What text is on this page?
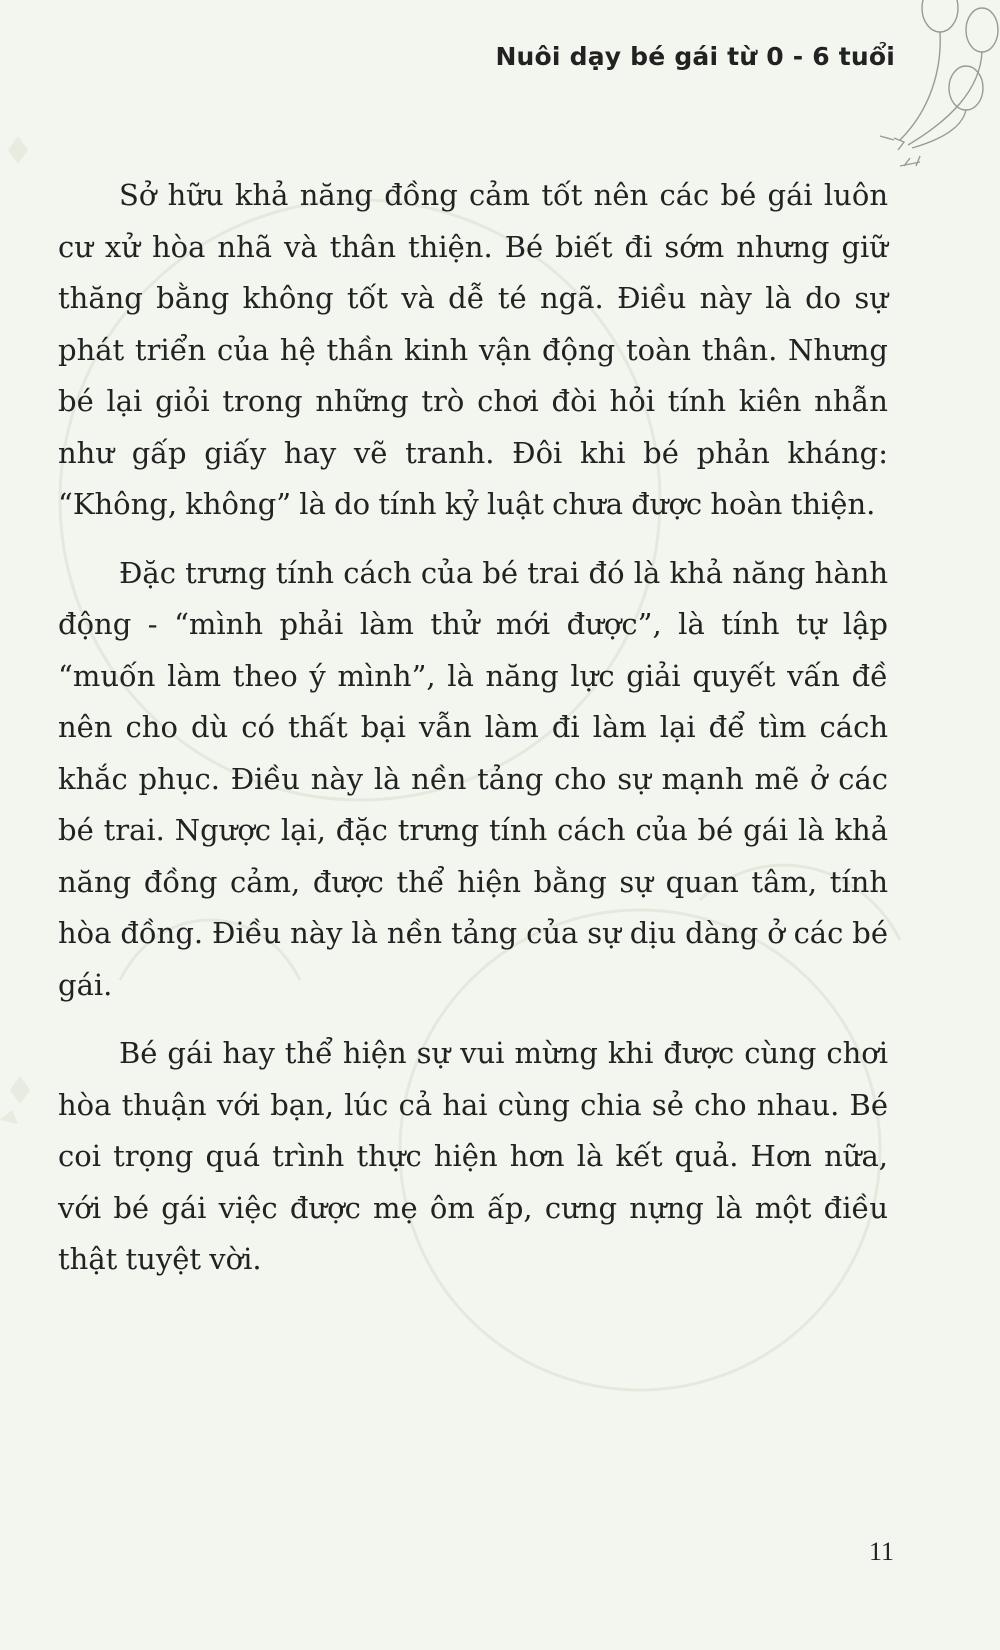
Nuôi dạy bé gái từ 0 - 6 tuổi

Sở hữu khả năng đồng cảm tốt nên các bé gái luôn cư xử hòa nhã và thân thiện. Bé biết đi sớm nhưng giữ thăng bằng không tốt và dễ té ngã. Điều này là do sự phát triển của hệ thần kinh vận động toàn thân. Nhưng bé lại giỏi trong những trò chơi đòi hỏi tính kiên nhẫn như gấp giấy hay vẽ tranh. Đôi khi bé phản kháng: “Không, không” là do tính kỷ luật chưa được hoàn thiện.

Đặc trưng tính cách của bé trai đó là khả năng hành động - “mình phải làm thử mới được”, là tính tự lập “muốn làm theo ý mình”, là năng lực giải quyết vấn đề nên cho dù có thất bại vẫn làm đi làm lại để tìm cách khắc phục. Điều này là nền tảng cho sự mạnh mẽ ở các bé trai. Ngược lại, đặc trưng tính cách của bé gái là khả năng đồng cảm, được thể hiện bằng sự quan tâm, tính hòa đồng. Điều này là nền tảng của sự dịu dàng ở các bé gái.

Bé gái hay thể hiện sự vui mừng khi được cùng chơi hòa thuận với bạn, lúc cả hai cùng chia sẻ cho nhau. Bé coi trọng quá trình thực hiện hơn là kết quả. Hơn nữa, với bé gái việc được mẹ ôm ấp, cưng nựng là một điều thật tuyệt vời.

11
